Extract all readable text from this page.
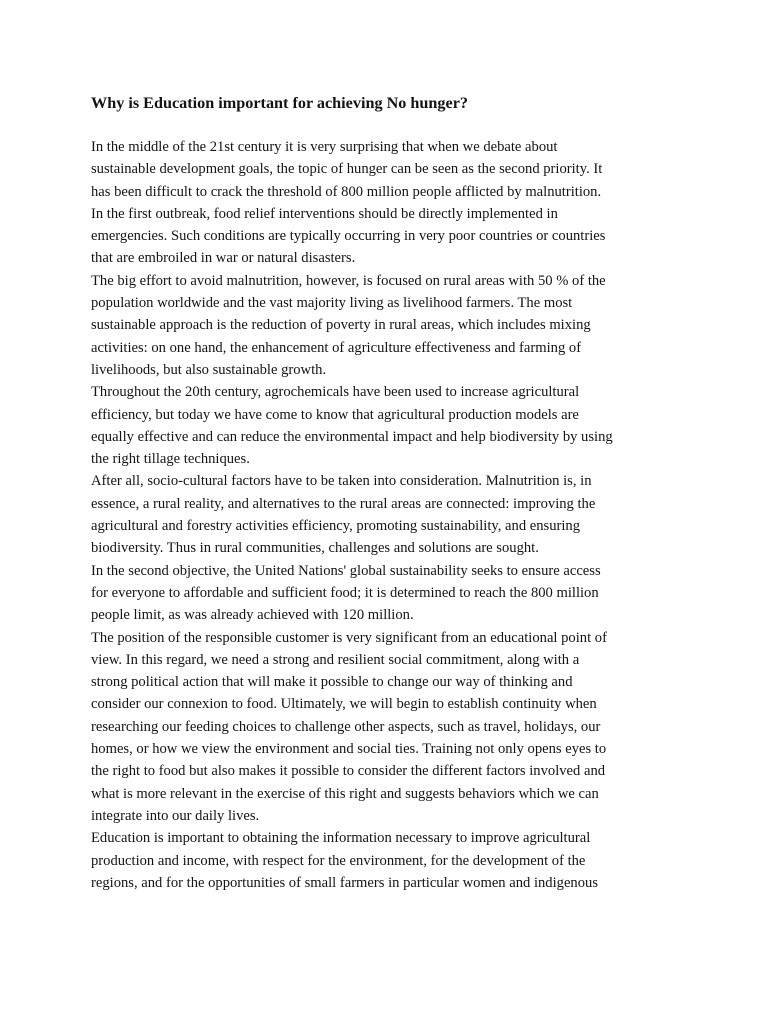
Why is Education important for achieving No hunger?
In the middle of the 21st century it is very surprising that when we debate about
sustainable development goals, the topic of hunger can be seen as the second priority. It
has been difficult to crack the threshold of 800 million people afflicted by malnutrition.
In the first outbreak, food relief interventions should be directly implemented in
emergencies. Such conditions are typically occurring in very poor countries or countries
that are embroiled in war or natural disasters.
The big effort to avoid malnutrition, however, is focused on rural areas with 50 % of the
population worldwide and the vast majority living as livelihood farmers. The most
sustainable approach is the reduction of poverty in rural areas, which includes mixing
activities: on one hand, the enhancement of agriculture effectiveness and farming of
livelihoods, but also sustainable growth.
Throughout the 20th century, agrochemicals have been used to increase agricultural
efficiency, but today we have come to know that agricultural production models are
equally effective and can reduce the environmental impact and help biodiversity by using
the right tillage techniques.
After all, socio-cultural factors have to be taken into consideration. Malnutrition is, in
essence, a rural reality, and alternatives to the rural areas are connected: improving the
agricultural and forestry activities efficiency, promoting sustainability, and ensuring
biodiversity. Thus in rural communities, challenges and solutions are sought.
In the second objective, the United Nations' global sustainability seeks to ensure access
for everyone to affordable and sufficient food; it is determined to reach the 800 million
people limit, as was already achieved with 120 million.
The position of the responsible customer is very significant from an educational point of
view. In this regard, we need a strong and resilient social commitment, along with a
strong political action that will make it possible to change our way of thinking and
consider our connexion to food. Ultimately, we will begin to establish continuity when
researching our feeding choices to challenge other aspects, such as travel, holidays, our
homes, or how we view the environment and social ties. Training not only opens eyes to
the right to food but also makes it possible to consider the different factors involved and
what is more relevant in the exercise of this right and suggests behaviors which we can
integrate into our daily lives.
Education is important to obtaining the information necessary to improve agricultural
production and income, with respect for the environment, for the development of the
regions, and for the opportunities of small farmers in particular women and indigenous
